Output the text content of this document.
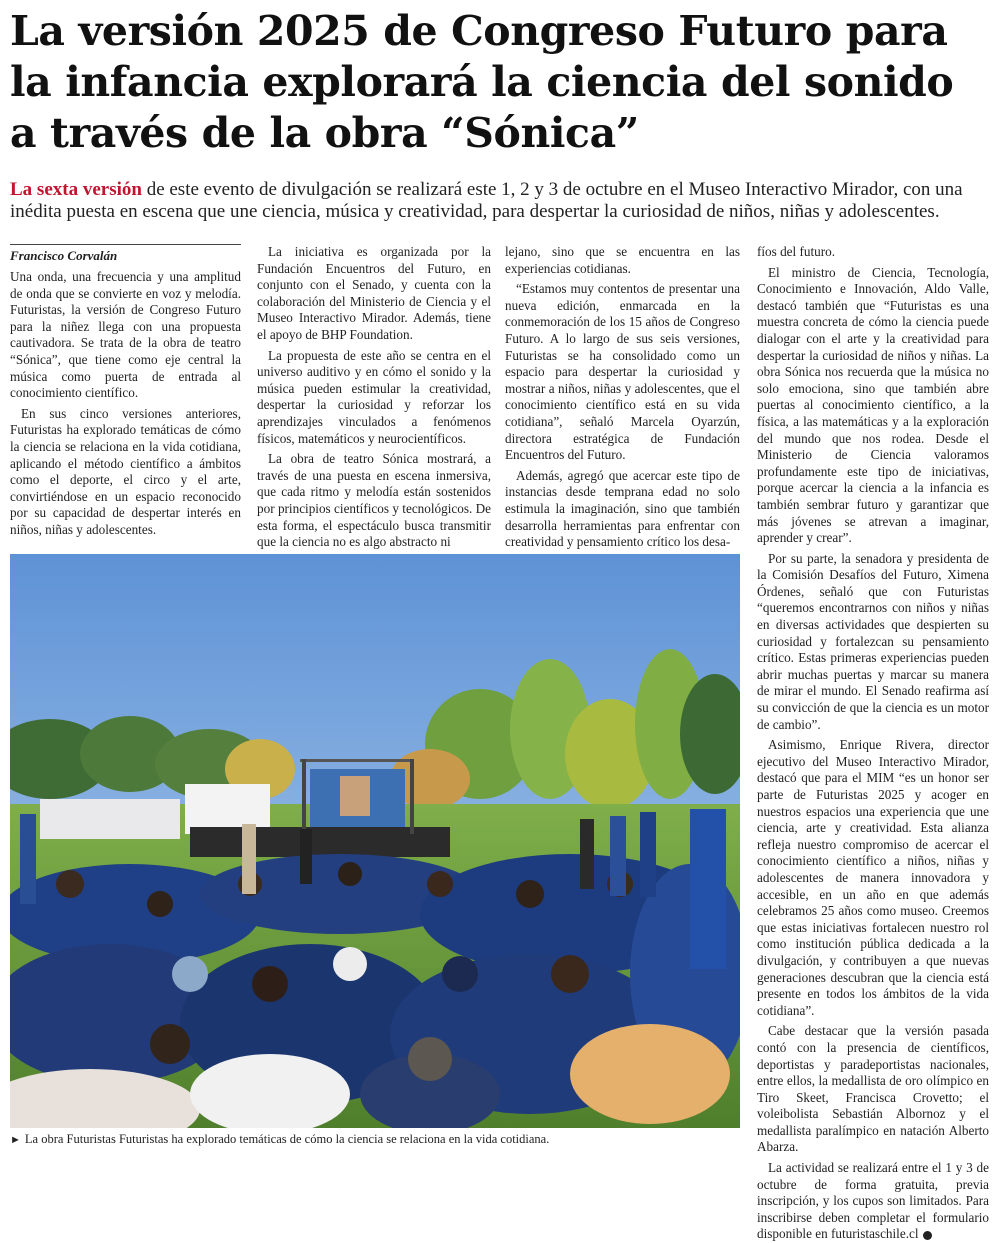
La versión 2025 de Congreso Futuro para la infancia explorará la ciencia del sonido a través de la obra “Sónica”

La sexta versión de este evento de divulgación se realizará este 1, 2 y 3 de octubre en el Museo Interactivo Mirador, con una inédita puesta en escena que une ciencia, música y creatividad, para despertar la curiosidad de niños, niñas y adolescentes.

Francisco Corvalán

Una onda, una frecuencia y una amplitud de onda que se convierte en voz y melodía. Futuristas, la versión de Congreso Futuro para la niñez llega con una propuesta cautivadora. Se trata de la obra de teatro “Sónica”, que tiene como eje central la música como puerta de entrada al conocimiento científico.

En sus cinco versiones anteriores, Futuristas ha explorado temáticas de cómo la ciencia se relaciona en la vida cotidiana, aplicando el método científico a ámbitos como el deporte, el circo y el arte, convirtiéndose en un espacio reconocido por su capacidad de despertar interés en niños, niñas y adolescentes.

La iniciativa es organizada por la Fundación Encuentros del Futuro, en conjunto con el Senado, y cuenta con la colaboración del Ministerio de Ciencia y el Museo Interactivo Mirador. Además, tiene el apoyo de BHP Foundation.

La propuesta de este año se centra en el universo auditivo y en cómo el sonido y la música pueden estimular la creatividad, despertar la curiosidad y reforzar los aprendizajes vinculados a fenómenos físicos, matemáticos y neurocientíficos.

La obra de teatro Sónica mostrará, a través de una puesta en escena inmersiva, que cada ritmo y melodía están sostenidos por principios científicos y tecnológicos. De esta forma, el espectáculo busca transmitir que la ciencia no es algo abstracto ni

lejano, sino que se encuentra en las experiencias cotidianas.

“Estamos muy contentos de presentar una nueva edición, enmarcada en la conmemoración de los 15 años de Congreso Futuro. A lo largo de sus seis versiones, Futuristas se ha consolidado como un espacio para despertar la curiosidad y mostrar a niños, niñas y adolescentes, que el conocimiento científico está en su vida cotidiana”, señaló Marcela Oyarzún, directora estratégica de Fundación Encuentros del Futuro.

Además, agregó que acercar este tipo de instancias desde temprana edad no solo estimula la imaginación, sino que también desarrolla herramientas para enfrentar con creatividad y pensamiento crítico los desa-

fíos del futuro.

El ministro de Ciencia, Tecnología, Conocimiento e Innovación, Aldo Valle, destacó también que “Futuristas es una muestra concreta de cómo la ciencia puede dialogar con el arte y la creatividad para despertar la curiosidad de niños y niñas. La obra Sónica nos recuerda que la música no solo emociona, sino que también abre puertas al conocimiento científico, a la física, a las matemáticas y a la exploración del mundo que nos rodea. Desde el Ministerio de Ciencia valoramos profundamente este tipo de iniciativas, porque acercar la ciencia a la infancia es también sembrar futuro y garantizar que más jóvenes se atrevan a imaginar, aprender y crear”.

Por su parte, la senadora y presidenta de la Comisión Desafíos del Futuro, Ximena Órdenes, señaló que con Futuristas “queremos encontrarnos con niños y niñas en diversas actividades que despierten su curiosidad y fortalezcan su pensamiento crítico. Estas primeras experiencias pueden abrir muchas puertas y marcar su manera de mirar el mundo. El Senado reafirma así su convicción de que la ciencia es un motor de cambio”.

Asimismo, Enrique Rivera, director ejecutivo del Museo Interactivo Mirador, destacó que para el MIM “es un honor ser parte de Futuristas 2025 y acoger en nuestros espacios una experiencia que une ciencia, arte y creatividad. Esta alianza refleja nuestro compromiso de acercar el conocimiento científico a niños, niñas y adolescentes de manera innovadora y accesible, en un año en que además celebramos 25 años como museo. Creemos que estas iniciativas fortalecen nuestro rol como institución pública dedicada a la divulgación, y contribuyen a que nuevas generaciones descubran que la ciencia está presente en todos los ámbitos de la vida cotidiana”.

Cabe destacar que la versión pasada contó con la presencia de científicos, deportistas y paradeportistas nacionales, entre ellos, la medallista de oro olímpico en Tiro Skeet, Francisca Crovetto; el voleibolista Sebastián Albornoz y el medallista paralímpico en natación Alberto Abarza.

La actividad se realizará entre el 1 y 3 de octubre de forma gratuita, previa inscripción, y los cupos son limitados. Para inscribirse deben completar el formulario disponible en futuristaschile.cl

► La obra Futuristas Futuristas ha explorado temáticas de cómo la ciencia se relaciona en la vida cotidiana.
